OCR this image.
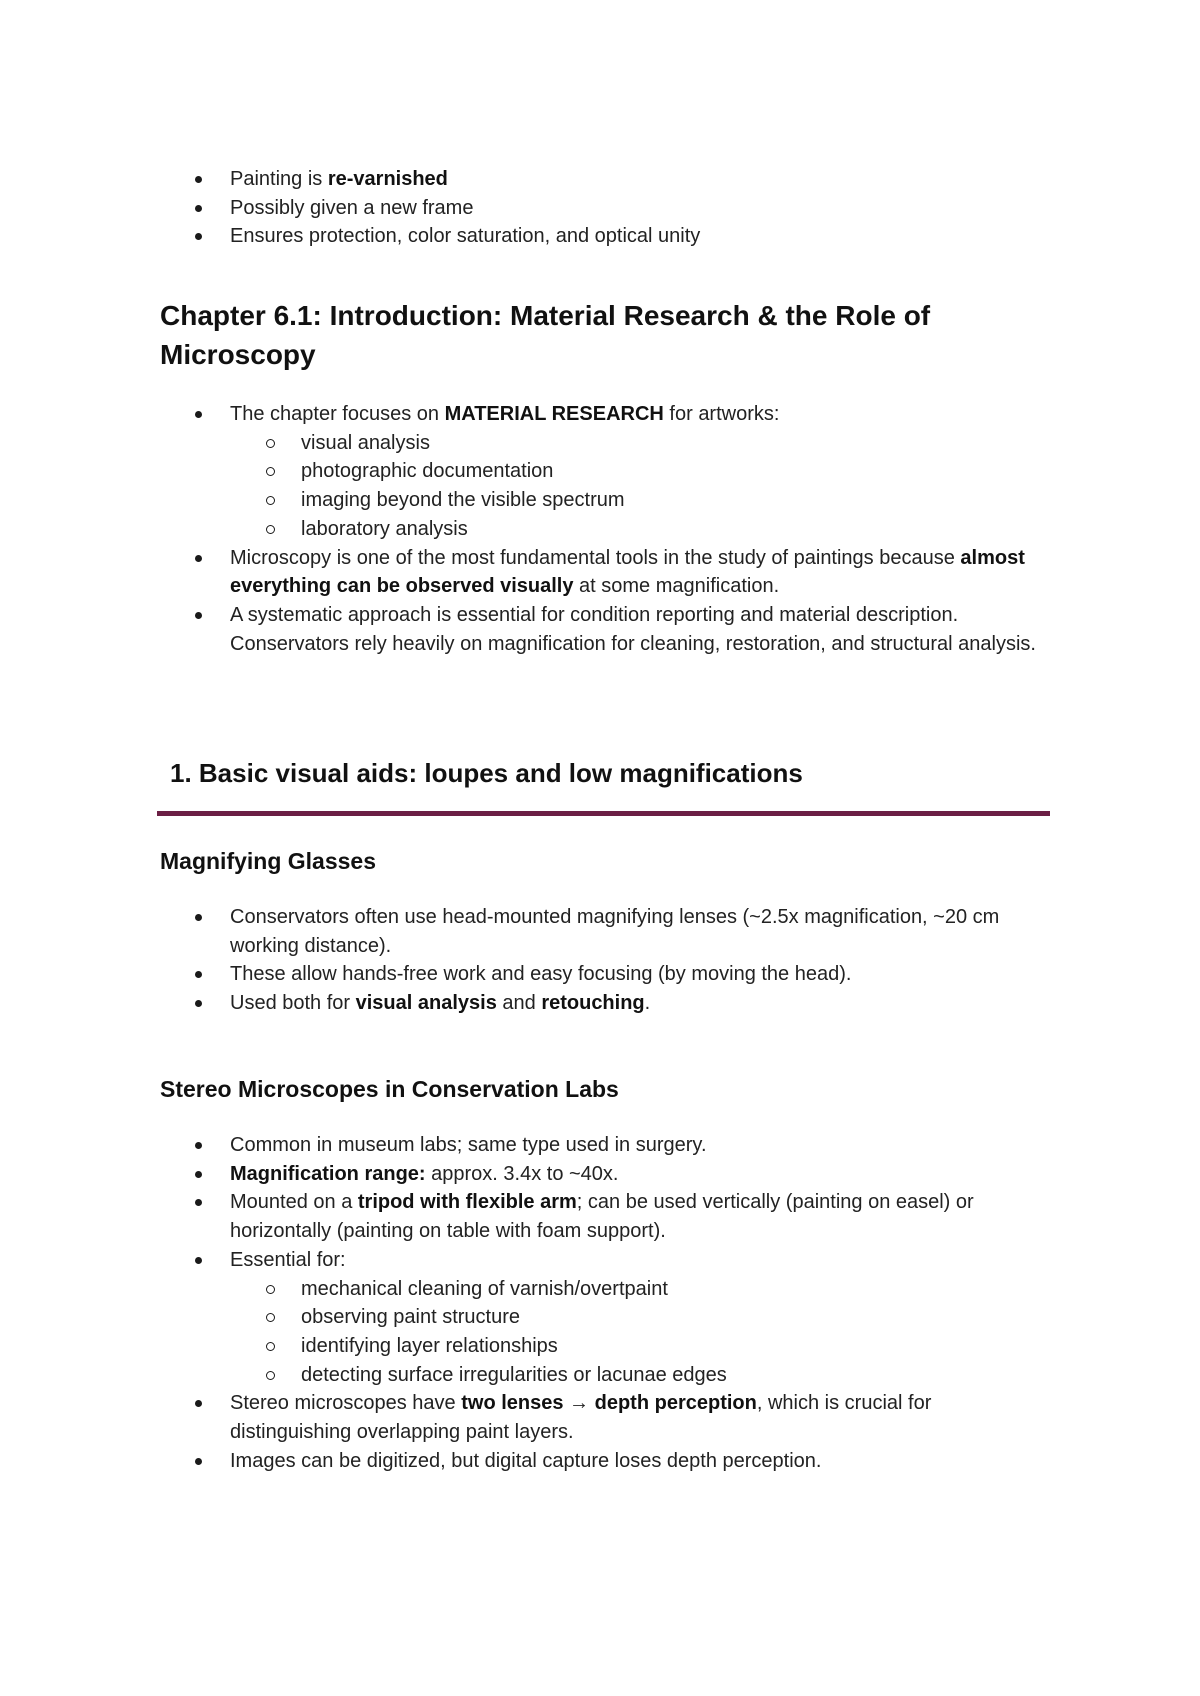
Painting is re-varnished
Possibly given a new frame
Ensures protection, color saturation, and optical unity
Chapter 6.1: Introduction: Material Research & the Role of Microscopy
The chapter focuses on MATERIAL RESEARCH for artworks:
visual analysis
photographic documentation
imaging beyond the visible spectrum
laboratory analysis
Microscopy is one of the most fundamental tools in the study of paintings because almost everything can be observed visually at some magnification.
A systematic approach is essential for condition reporting and material description. Conservators rely heavily on magnification for cleaning, restoration, and structural analysis.
1. Basic visual aids: loupes and low magnifications
Magnifying Glasses
Conservators often use head-mounted magnifying lenses (~2.5x magnification, ~20 cm working distance).
These allow hands-free work and easy focusing (by moving the head).
Used both for visual analysis and retouching.
Stereo Microscopes in Conservation Labs
Common in museum labs; same type used in surgery.
Magnification range: approx. 3.4x to ~40x.
Mounted on a tripod with flexible arm; can be used vertically (painting on easel) or horizontally (painting on table with foam support).
Essential for:
mechanical cleaning of varnish/overtpaint
observing paint structure
identifying layer relationships
detecting surface irregularities or lacunae edges
Stereo microscopes have two lenses → depth perception, which is crucial for distinguishing overlapping paint layers.
Images can be digitized, but digital capture loses depth perception.
